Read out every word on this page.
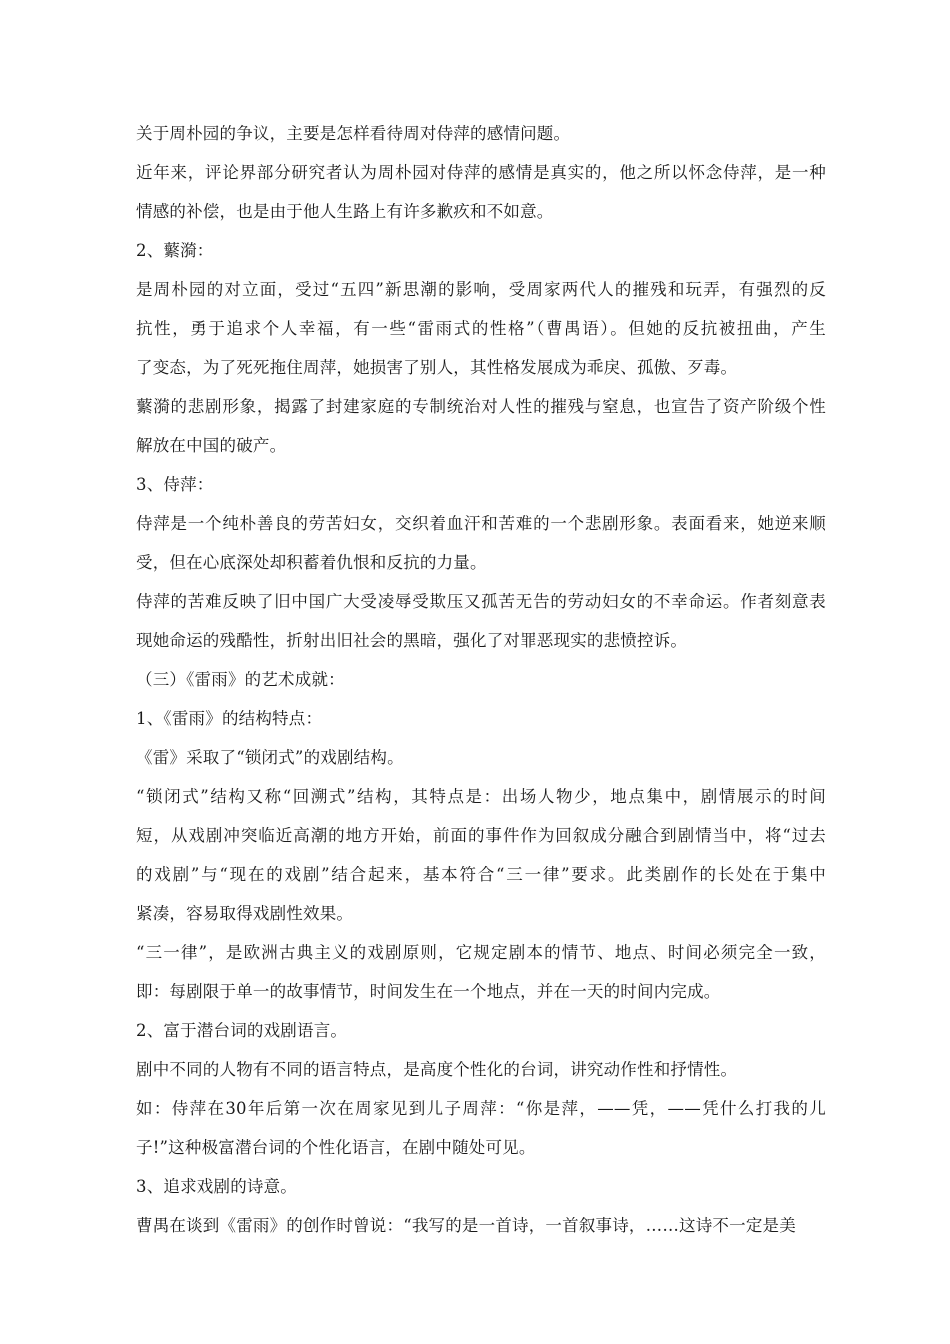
关于周朴园的争议，主要是怎样看待周对侍萍的感情问题。

近年来，评论界部分研究者认为周朴园对侍萍的感情是真实的，他之所以怀念侍萍，是一种

情感的补偿，也是由于他人生路上有许多歉疚和不如意。

2、蘩漪：

是周朴园的对立面，受过“五四”新思潮的影响，受周家两代人的摧残和玩弄，有强烈的反

抗性，勇于追求个人幸福，有一些“雷雨式的性格”（曹禺语）。但她的反抗被扭曲，产生

了变态，为了死死拖住周萍，她损害了别人，其性格发展成为乖戾、孤傲、歹毒。

蘩漪的悲剧形象，揭露了封建家庭的专制统治对人性的摧残与窒息，也宣告了资产阶级个性

解放在中国的破产。

3、侍萍：

侍萍是一个纯朴善良的劳苦妇女，交织着血汗和苦难的一个悲剧形象。表面看来，她逆来顺

受，但在心底深处却积蓄着仇恨和反抗的力量。

侍萍的苦难反映了旧中国广大受凌辱受欺压又孤苦无告的劳动妇女的不幸命运。作者刻意表

现她命运的残酷性，折射出旧社会的黑暗，强化了对罪恶现实的悲愤控诉。

（三）《雷雨》的艺术成就：

1、《雷雨》的结构特点：

《雷》采取了“锁闭式”的戏剧结构。

“锁闭式”结构又称“回溯式”结构，其特点是：出场人物少，地点集中，剧情展示的时间

短，从戏剧冲突临近高潮的地方开始，前面的事件作为回叙成分融合到剧情当中，将“过去

的戏剧”与“现在的戏剧”结合起来，基本符合“三一律”要求。此类剧作的长处在于集中

紧凑，容易取得戏剧性效果。

“三一律”，是欧洲古典主义的戏剧原则，它规定剧本的情节、地点、时间必须完全一致，

即：每剧限于单一的故事情节，时间发生在一个地点，并在一天的时间内完成。

2、富于潜台词的戏剧语言。

剧中不同的人物有不同的语言特点，是高度个性化的台词，讲究动作性和抒情性。

如：侍萍在30年后第一次在周家见到儿子周萍：“你是萍，——凭，——凭什么打我的儿

子!”这种极富潜台词的个性化语言，在剧中随处可见。

3、追求戏剧的诗意。

曹禺在谈到《雷雨》的创作时曾说：“我写的是一首诗，一首叙事诗，……这诗不一定是美
